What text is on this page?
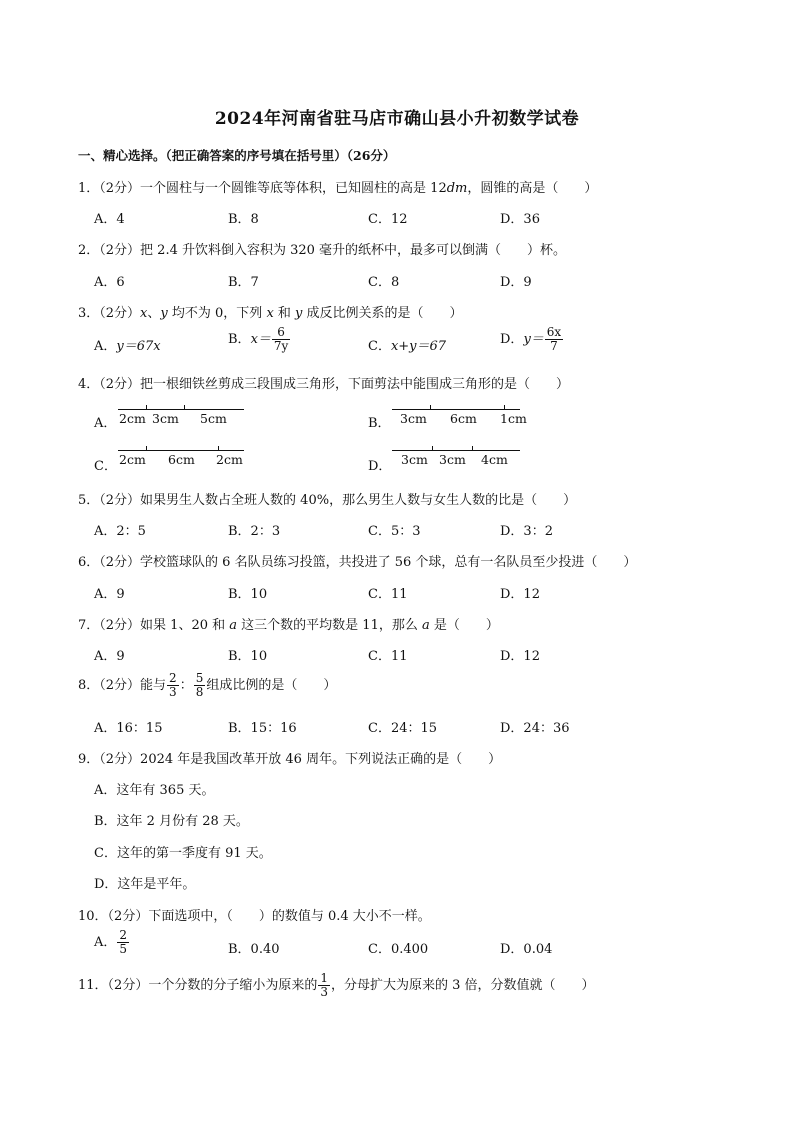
2024年河南省驻马店市确山县小升初数学试卷
一、精心选择。（把正确答案的序号填在括号里）（26分）
1．（2分）一个圆柱与一个圆锥等底等体积，已知圆柱的高是 12dm，圆锥的高是（　　）
A．4	B．8	C．12	D．36
2．（2分）把 2.4 升饮料倒入容积为 320 毫升的纸杯中，最多可以倒满（　　）杯。
A．6	B．7	C．8	D．9
3．（2分）x、y 均不为 0，下列 x 和 y 成反比例关系的是（　　）
A．y＝67x	B．$x= \frac{6}{7y}$	C．x+y＝67	D．$y= \frac{6x}{7}$
4．（2分）把一根细铁丝剪成三段围成三角形，下面剪法中能围成三角形的是（　　）
A． 2cm 3cm 5cm	B． 3cm 6cm 1cm
C． 2cm 6cm 2cm	D． 3cm 3cm 4cm
5．（2分）如果男生人数占全班人数的 40%，那么男生人数与女生人数的比是（　　）
A．2：5	B．2：3	C．5：3	D．3：2
6．（2分）学校篮球队的 6 名队员练习投篮，共投进了 56 个球，总有一名队员至少投进（　　）
A．9	B．10	C．11	D．12
7．（2分）如果 1、20 和 a 这三个数的平均数是 11，那么 a 是（　　）
A．9	B．10	C．11	D．12
8．（2分）能与 $\frac{2}{3}$ ： $\frac{5}{8}$ 组成比例的是（　　）
A．16：15	B．15：16	C．24：15	D．24：36
9．（2分）2024 年是我国改革开放 46 周年。下列说法正确的是（　　）
A．这年有 365 天。
B．这年 2 月份有 28 天。
C．这年的第一季度有 91 天。
D．这年是平年。
10．（2分）下面选项中，（　　）的数值与 0.4 大小不一样。
A． $\frac{2}{5}$	B．0.40	C．0.400	D．0.04
11．（2分）一个分数的分子缩小为原来的 $\frac{1}{3}$ ，分母扩大为原来的 3 倍，分数值就（　　）
